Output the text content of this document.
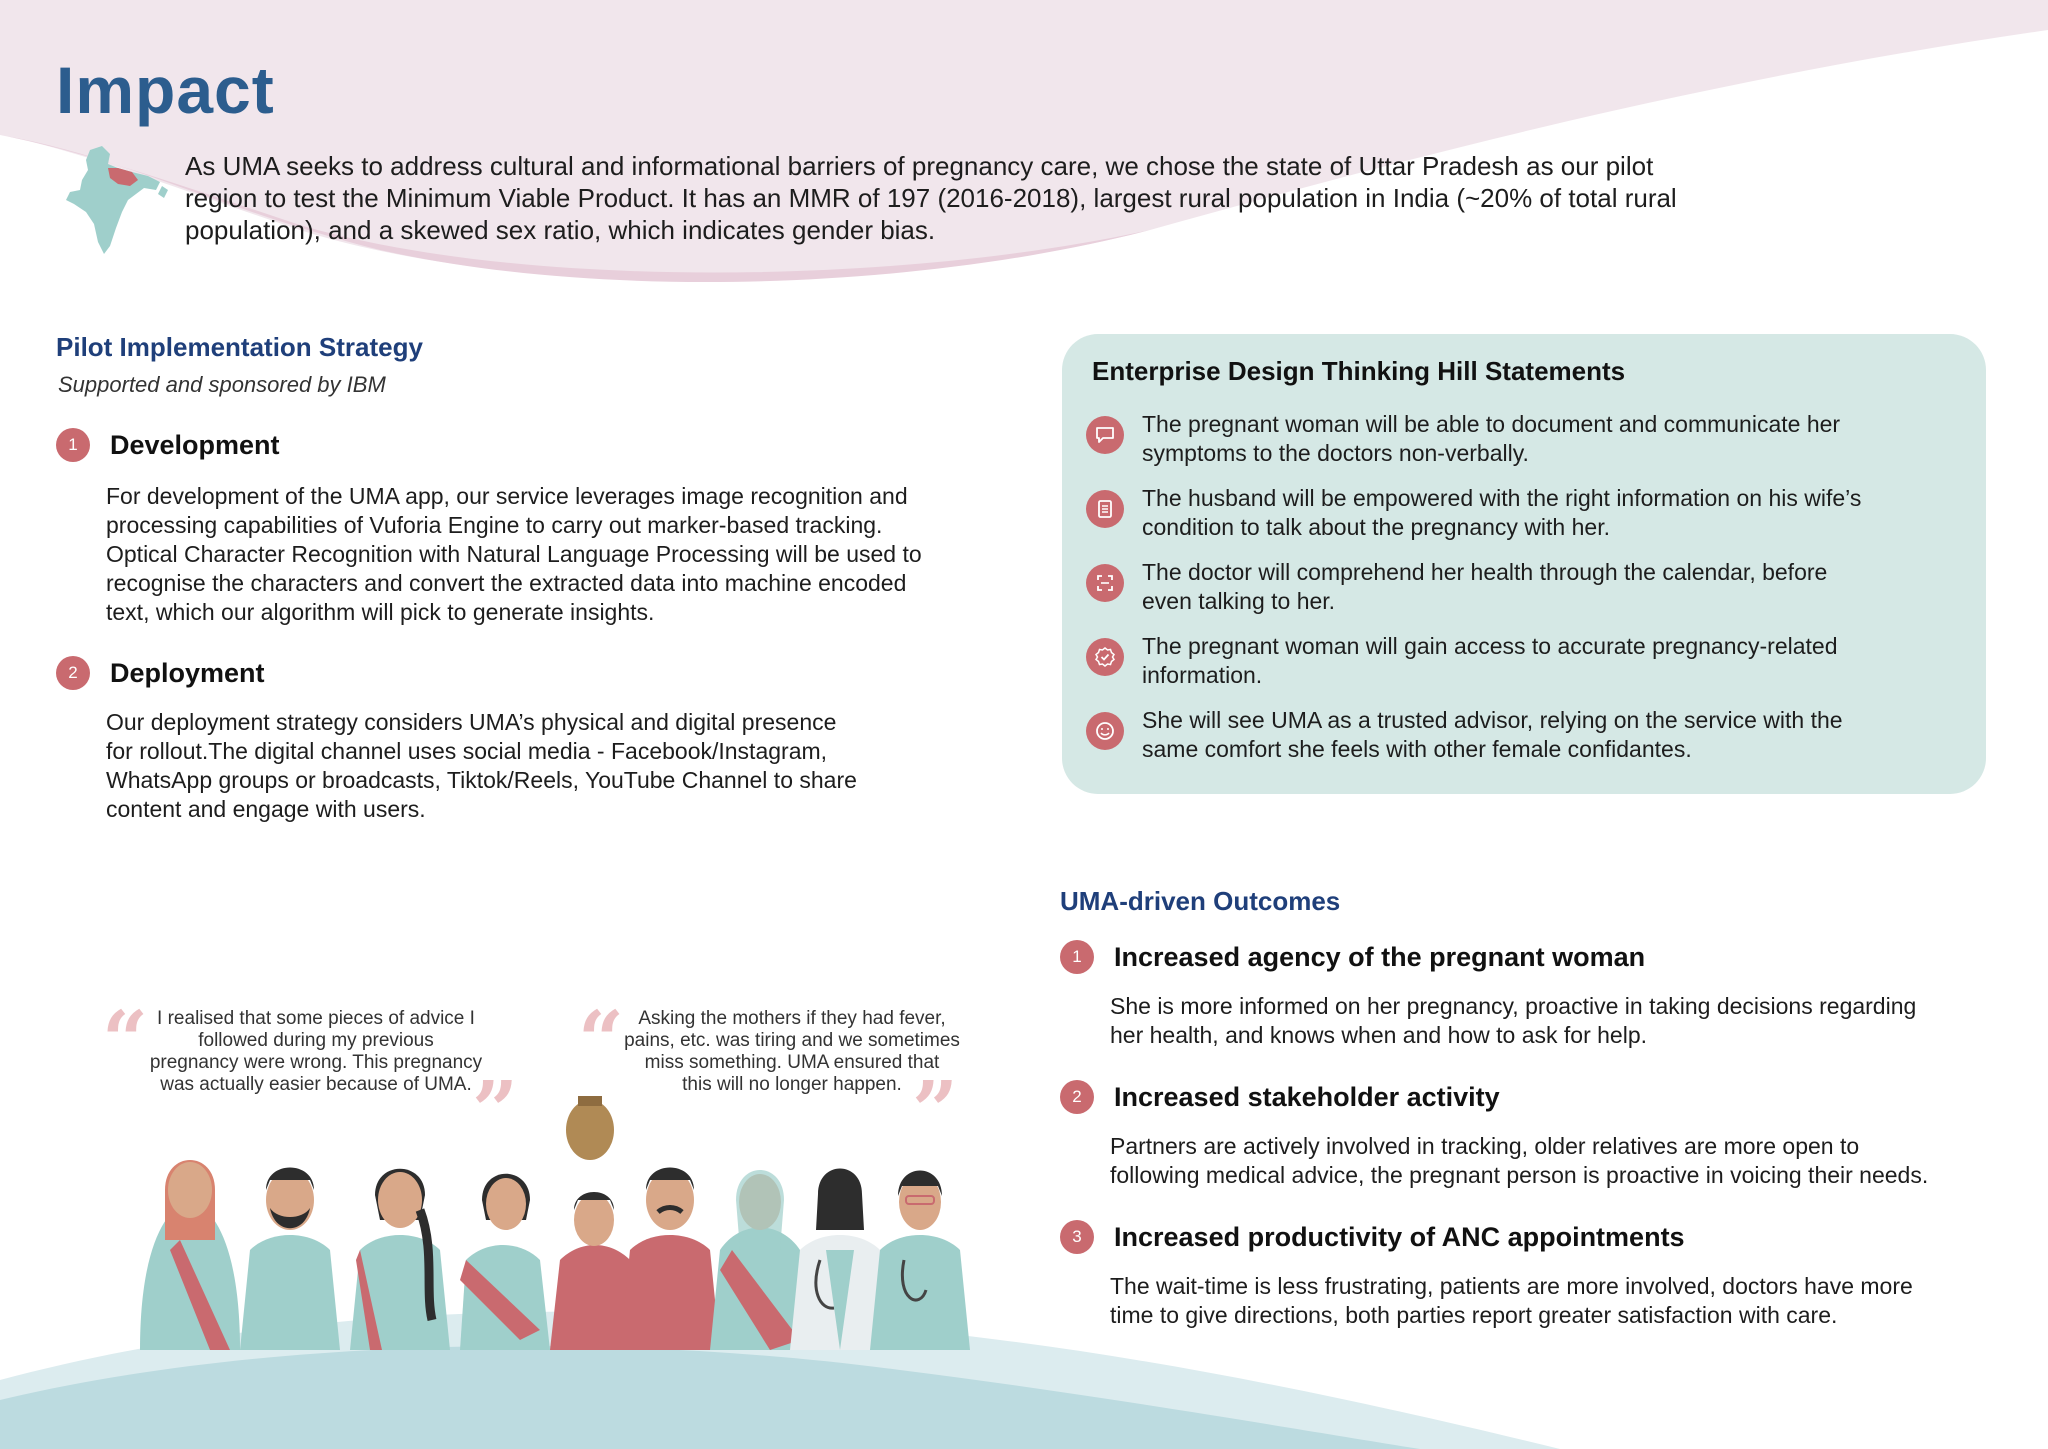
Impact

As UMA seeks to address cultural and informational barriers of pregnancy care, we chose the state of Uttar Pradesh as our pilot region to test the Minimum Viable Product. It has an MMR of 197 (2016-2018), largest rural population in India (~20% of total rural population), and a skewed sex ratio, which indicates gender bias.

Pilot Implementation Strategy

Supported and sponsored by IBM

1	Development

For development of the UMA app, our service leverages image recognition and

processing capabilities of Vuforia Engine to carry out marker-based tracking.

Optical Character Recognition with Natural Language Processing will be used to

recognise the characters and convert the extracted data into machine encoded

text, which our algorithm will pick to generate insights.

2	Deployment

Our deployment strategy considers UMA’s physical and digital presence

for rollout.The digital channel uses social media - Facebook/Instagram,

WhatsApp groups or broadcasts, Tiktok/Reels, YouTube Channel to share

content and engage with users.

Enterprise Design Thinking Hill Statements
The pregnant woman will be able to document and communicate her
symptoms to the doctors non-verbally.
The husband will be empowered with the right information on his wife’s
condition to talk about the pregnancy with her.
The doctor will comprehend her health through the calendar, before
even talking to her.
The pregnant woman will gain access to accurate pregnancy-related
information.
She will see UMA as a trusted advisor, relying on the service with the
same comfort she feels with other female confidantes.
UMA-driven Outcomes
1	Increased agency of the pregnant woman

She is more informed on her pregnancy, proactive in taking decisions regarding

her health, and knows when and how to ask for help.

2	Increased stakeholder activity

Partners are actively involved in tracking, older relatives are more open to

following medical advice, the pregnant person is proactive in voicing their needs.

3	Increased productivity of ANC appointments

The wait-time is less frustrating, patients are more involved, doctors have more

time to give directions, both parties report greater satisfaction with care.

“ I realised that some pieces of advice I

followed during my previous

pregnancy were wrong. This pregnancy

was actually easier because of UMA. ”
“ Asking the mothers if they had fever,

pains, etc. was tiring and we sometimes

miss something. UMA ensured that

this will no longer happen. ”
